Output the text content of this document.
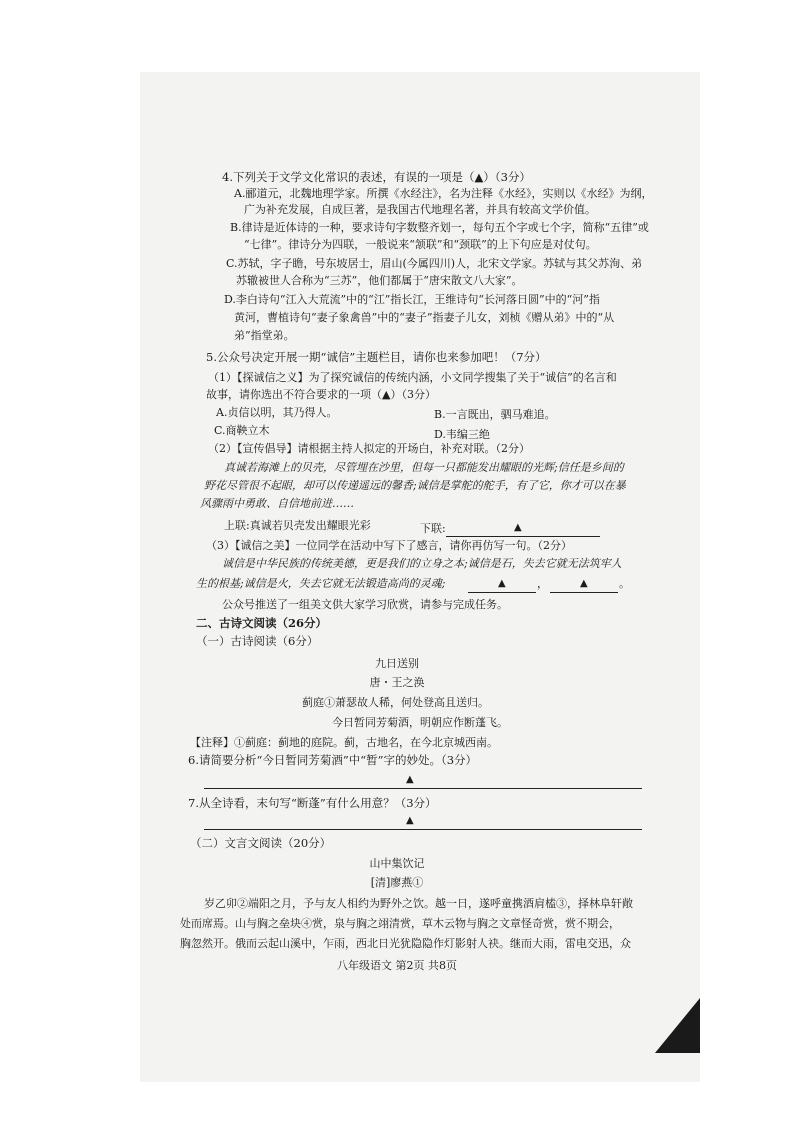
4.下列关于文学文化常识的表述，有误的一项是（▲）（3分）
A.郦道元，北魏地理学家。所撰《水经注》，名为注释《水经》，实则以《水经》为纲，
广为补充发展，自成巨著，是我国古代地理名著，并具有较高文学价值。
B.律诗是近体诗的一种，要求诗句字数整齐划一，每句五个字或七个字，简称“五律”或
“七律”。律诗分为四联，一般说来“颔联”和“颈联”的上下句应是对仗句。
C.苏轼，字子瞻，号东坡居士，眉山(今属四川)人，北宋文学家。苏轼与其父苏洵、弟
苏辙被世人合称为“三苏”，他们都属于“唐宋散文八大家”。
D.李白诗句“江入大荒流”中的“江”指长江，王维诗句“长河落日圆”中的“河”指
黄河，曹植诗句“妻子象禽兽”中的“妻子”指妻子儿女，刘桢《赠从弟》中的“从
弟”指堂弟。
5.公众号决定开展一期“诚信”主题栏目，请你也来参加吧！（7分）
（1）【探诚信之义】为了探究诚信的传统内涵，小文同学搜集了关于“诚信”的名言和
故事，请你选出不符合要求的一项（▲）（3分）
A.贞信以明，其乃得人。	B.一言既出，驷马难追。
C.商鞅立木	D.韦编三绝
（2）【宣传倡导】请根据主持人拟定的开场白，补充对联。（2分）
真诚若海滩上的贝壳，尽管埋在沙里，但每一只都能发出耀眼的光辉;信任是乡间的
野花尽管很不起眼，却可以传递遥远的馨香;诚信是掌舵的舵手，有了它，你才可以在暴
风骤雨中勇敢、自信地前进……
上联:真诚若贝壳发出耀眼光彩	下联:	▲
（3）【诚信之美】一位同学在活动中写下了感言，请你再仿写一句。（2分）
诚信是中华民族的传统美德，更是我们的立身之本;诚信是石，失去它就无法筑牢人
生的根基;诚信是火，失去它就无法锻造高尚的灵魂;	▲	，	▲	。
公众号推送了一组美文供大家学习欣赏，请参与完成任务。
二、古诗文阅读（26分）
（一）古诗阅读（6分）
九日送别
唐・王之涣
蓟庭①萧瑟故人稀，何处登高且送归。
今日暂同芳菊酒，明朝应作断蓬飞。
【注释】①蓟庭：蓟地的庭院。蓟，古地名，在今北京城西南。
6.请简要分析“今日暂同芳菊酒”中“暂”字的妙处。（3分）
▲
7.从全诗看，末句写“断蓬”有什么用意？（3分）
▲
（二）文言文阅读（20分）
山中集饮记
[清]廖燕①
岁乙卯②端阳之月，予与友人相约为野外之饮。越一日，遂呼童携酒肩榼③，择林阜轩敞
处而席焉。山与胸之垒块④赏，泉与胸之翊清赏，草木云物与胸之文章怪奇赏，赏不期会，
胸忽然开。俄而云起山溪中，乍雨，西北日光犹隐隐作灯影射人袂。继而大雨，雷电交迅，众
八年级语文 第2页 共8页
